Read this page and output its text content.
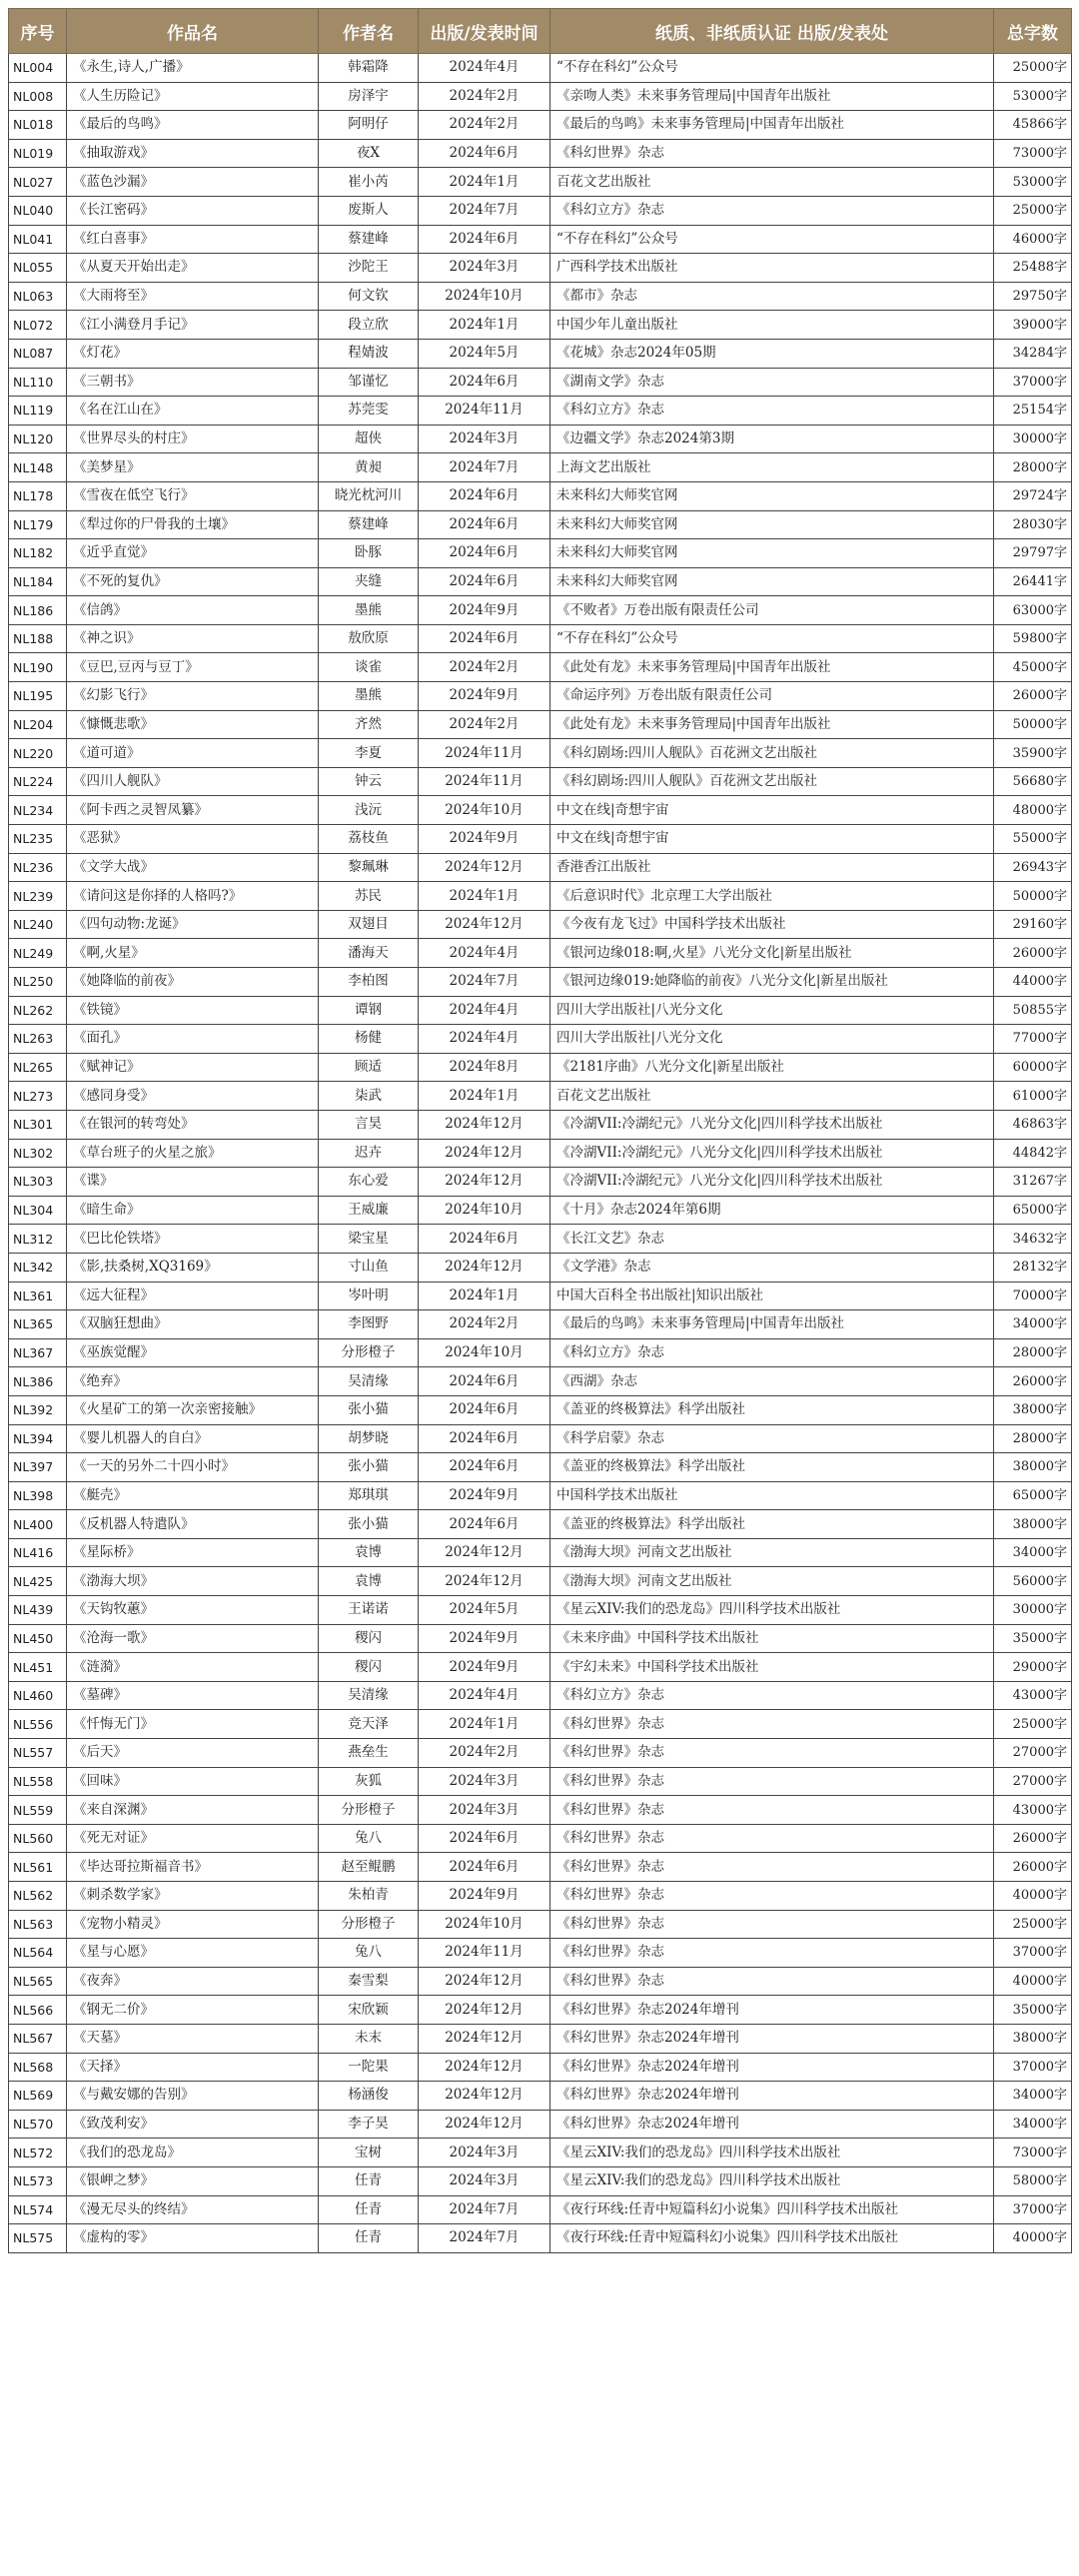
序号	作品名	作者名	出版/发表时间	纸质、非纸质认证 出版/发表处	总字数
NL004	《永生,诗人,广播》	韩霜降	2024年4月	“不存在科幻”公众号	25000字
NL008	《人生历险记》	房泽宇	2024年2月	《亲吻人类》未来事务管理局|中国青年出版社	53000字
NL018	《最后的鸟鸣》	阿明仔	2024年2月	《最后的鸟鸣》未来事务管理局|中国青年出版社	45866字
NL019	《抽取游戏》	夜X	2024年6月	《科幻世界》杂志	73000字
NL027	《蓝色沙漏》	崔小芮	2024年1月	百花文艺出版社	53000字
NL040	《长江密码》	废斯人	2024年7月	《科幻立方》杂志	25000字
NL041	《红白喜事》	蔡建峰	2024年6月	“不存在科幻”公众号	46000字
NL055	《从夏天开始出走》	沙陀王	2024年3月	广西科学技术出版社	25488字
NL063	《大雨将至》	何文钦	2024年10月	《都市》杂志	29750字
NL072	《江小满登月手记》	段立欣	2024年1月	中国少年儿童出版社	39000字
NL087	《灯花》	程婧波	2024年5月	《花城》杂志2024年05期	34284字
NL110	《三朝书》	邹谨忆	2024年6月	《湖南文学》杂志	37000字
NL119	《名在江山在》	苏莞雯	2024年11月	《科幻立方》杂志	25154字
NL120	《世界尽头的村庄》	超侠	2024年3月	《边疆文学》杂志2024第3期	30000字
NL148	《美梦星》	黄昶	2024年7月	上海文艺出版社	28000字
NL178	《雪夜在低空飞行》	晓光枕河川	2024年6月	未来科幻大师奖官网	29724字
NL179	《犁过你的尸骨我的土壤》	蔡建峰	2024年6月	未来科幻大师奖官网	28030字
NL182	《近乎直觉》	卧豚	2024年6月	未来科幻大师奖官网	29797字
NL184	《不死的复仇》	夹缝	2024年6月	未来科幻大师奖官网	26441字
NL186	《信鸽》	墨熊	2024年9月	《不败者》万卷出版有限责任公司	63000字
NL188	《神之识》	敖欣原	2024年6月	“不存在科幻”公众号	59800字
NL190	《豆巴,豆丙与豆丁》	谈雀	2024年2月	《此处有龙》未来事务管理局|中国青年出版社	45000字
NL195	《幻影飞行》	墨熊	2024年9月	《命运序列》万卷出版有限责任公司	26000字
NL204	《慷慨悲歌》	齐然	2024年2月	《此处有龙》未来事务管理局|中国青年出版社	50000字
NL220	《道可道》	李夏	2024年11月	《科幻剧场:四川人舰队》百花洲文艺出版社	35900字
NL224	《四川人舰队》	钟云	2024年11月	《科幻剧场:四川人舰队》百花洲文艺出版社	56680字
NL234	《阿卡西之灵智凤纂》	浅沅	2024年10月	中文在线|奇想宇宙	48000字
NL235	《恶狱》	荔枝鱼	2024年9月	中文在线|奇想宇宙	55000字
NL236	《文学大战》	黎珮琳	2024年12月	香港香江出版社	26943字
NL239	《请问这是你择的人格吗?》	苏民	2024年1月	《后意识时代》北京理工大学出版社	50000字
NL240	《四句动物:龙诞》	双翅目	2024年12月	《今夜有龙飞过》中国科学技术出版社	29160字
NL249	《啊,火星》	潘海天	2024年4月	《银河边缘018:啊,火星》八光分文化|新星出版社	26000字
NL250	《她降临的前夜》	李柏图	2024年7月	《银河边缘019:她降临的前夜》八光分文化|新星出版社	44000字
NL262	《铁镜》	谭钢	2024年4月	四川大学出版社|八光分文化	50855字
NL263	《面孔》	杨健	2024年4月	四川大学出版社|八光分文化	77000字
NL265	《赋神记》	顾适	2024年8月	《2181序曲》八光分文化|新星出版社	60000字
NL273	《感同身受》	柒武	2024年1月	百花文艺出版社	61000字
NL301	《在银河的转弯处》	言昊	2024年12月	《冷湖VII:冷湖纪元》八光分文化|四川科学技术出版社	46863字
NL302	《草台班子的火星之旅》	迟卉	2024年12月	《冷湖VII:冷湖纪元》八光分文化|四川科学技术出版社	44842字
NL303	《谍》	东心爱	2024年12月	《冷湖VII:冷湖纪元》八光分文化|四川科学技术出版社	31267字
NL304	《暗生命》	王威廉	2024年10月	《十月》杂志2024年第6期	65000字
NL312	《巴比伦铁塔》	梁宝星	2024年6月	《长江文艺》杂志	34632字
NL342	《影,扶桑树,XQ3169》	寸山鱼	2024年12月	《文学港》杂志	28132字
NL361	《远大征程》	岑叶明	2024年1月	中国大百科全书出版社|知识出版社	70000字
NL365	《双脑狂想曲》	李图野	2024年2月	《最后的鸟鸣》未来事务管理局|中国青年出版社	34000字
NL367	《巫族觉醒》	分形橙子	2024年10月	《科幻立方》杂志	28000字
NL386	《绝弃》	吴清缘	2024年6月	《西湖》杂志	26000字
NL392	《火星矿工的第一次亲密接触》	张小猫	2024年6月	《盖亚的终极算法》科学出版社	38000字
NL394	《婴儿机器人的自白》	胡梦晓	2024年6月	《科学启蒙》杂志	28000字
NL397	《一天的另外二十四小时》	张小猫	2024年6月	《盖亚的终极算法》科学出版社	38000字
NL398	《艇壳》	郑琪琪	2024年9月	中国科学技术出版社	65000字
NL400	《反机器人特遣队》	张小猫	2024年6月	《盖亚的终极算法》科学出版社	38000字
NL416	《星际桥》	袁博	2024年12月	《渤海大坝》河南文艺出版社	34000字
NL425	《渤海大坝》	袁博	2024年12月	《渤海大坝》河南文艺出版社	56000字
NL439	《天钩牧蕙》	王诺诺	2024年5月	《星云XIV:我们的恐龙岛》四川科学技术出版社	30000字
NL450	《沧海一歌》	稷闪	2024年9月	《未来序曲》中国科学技术出版社	35000字
NL451	《涟漪》	稷闪	2024年9月	《宇幻未来》中国科学技术出版社	29000字
NL460	《墓碑》	吴清缘	2024年4月	《科幻立方》杂志	43000字
NL556	《忏悔无门》	竞天泽	2024年1月	《科幻世界》杂志	25000字
NL557	《后天》	燕垒生	2024年2月	《科幻世界》杂志	27000字
NL558	《回味》	灰狐	2024年3月	《科幻世界》杂志	27000字
NL559	《来自深渊》	分形橙子	2024年3月	《科幻世界》杂志	43000字
NL560	《死无对证》	兔八	2024年6月	《科幻世界》杂志	26000字
NL561	《毕达哥拉斯福音书》	赵至鲲鹏	2024年6月	《科幻世界》杂志	26000字
NL562	《刺杀数学家》	朱柏青	2024年9月	《科幻世界》杂志	40000字
NL563	《宠物小精灵》	分形橙子	2024年10月	《科幻世界》杂志	25000字
NL564	《星与心愿》	兔八	2024年11月	《科幻世界》杂志	37000字
NL565	《夜奔》	秦雪梨	2024年12月	《科幻世界》杂志	40000字
NL566	《钢无二价》	宋欣颖	2024年12月	《科幻世界》杂志2024年增刊	35000字
NL567	《天墓》	未末	2024年12月	《科幻世界》杂志2024年增刊	38000字
NL568	《天择》	一陀果	2024年12月	《科幻世界》杂志2024年增刊	37000字
NL569	《与戴安娜的告别》	杨涵俊	2024年12月	《科幻世界》杂志2024年增刊	34000字
NL570	《致茂利安》	李子昊	2024年12月	《科幻世界》杂志2024年增刊	34000字
NL572	《我们的恐龙岛》	宝树	2024年3月	《星云XIV:我们的恐龙岛》四川科学技术出版社	73000字
NL573	《银岬之梦》	任青	2024年3月	《星云XIV:我们的恐龙岛》四川科学技术出版社	58000字
NL574	《漫无尽头的终结》	任青	2024年7月	《夜行环线:任青中短篇科幻小说集》四川科学技术出版社	37000字
NL575	《虚构的零》	任青	2024年7月	《夜行环线:任青中短篇科幻小说集》四川科学技术出版社	40000字
